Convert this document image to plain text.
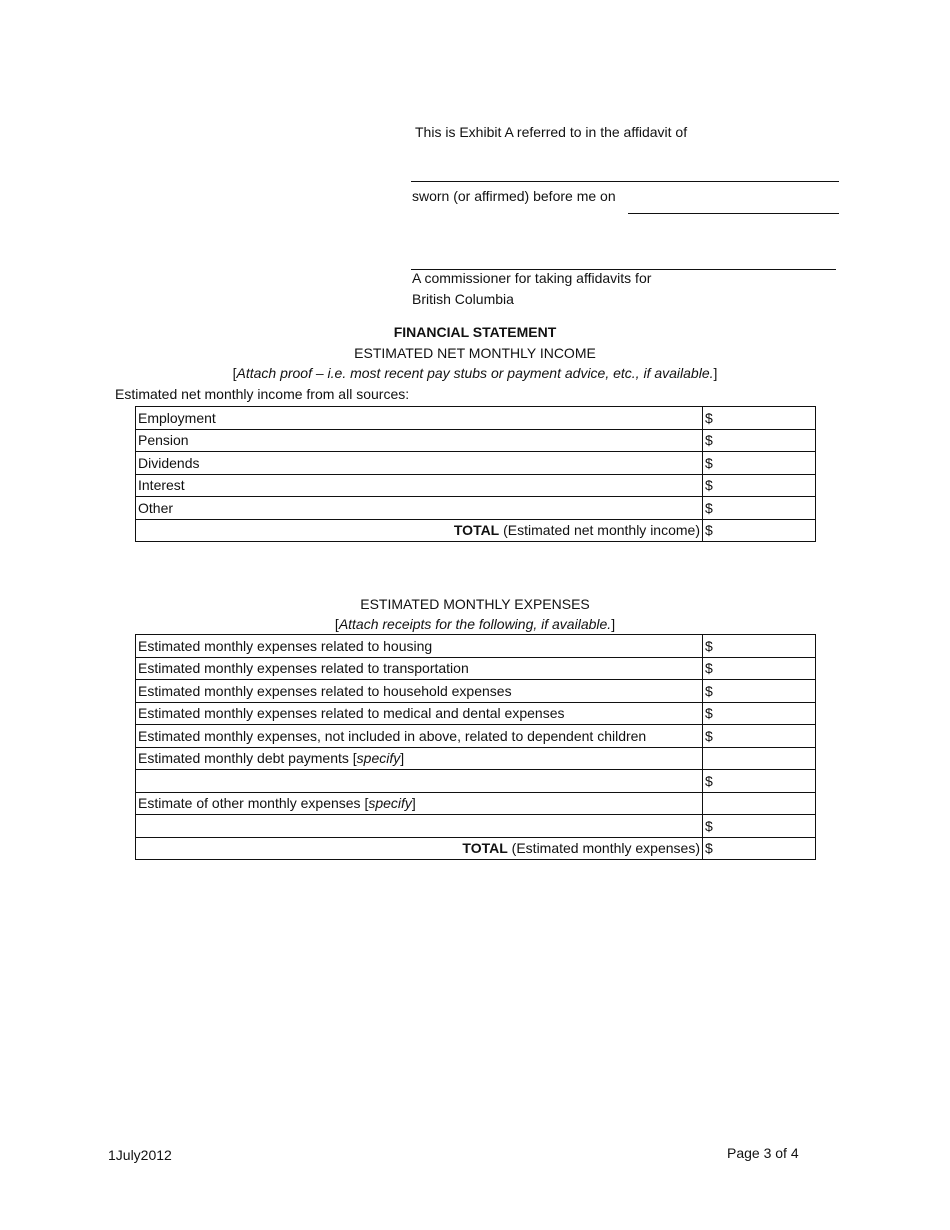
This is Exhibit A referred to in the affidavit of
sworn (or affirmed) before me on
A commissioner for taking affidavits for
British Columbia
FINANCIAL STATEMENT
ESTIMATED NET MONTHLY INCOME
[Attach proof – i.e. most recent pay stubs or payment advice, etc., if available.]
Estimated net monthly income from all sources:
Employment	$
Pension	$
Dividends	$
Interest	$
Other	$
TOTAL (Estimated net monthly income)	$
ESTIMATED MONTHLY EXPENSES
[Attach receipts for the following, if available.]
Estimated monthly expenses related to housing	$
Estimated monthly expenses related to transportation	$
Estimated monthly expenses related to household expenses	$
Estimated monthly expenses related to medical and dental expenses	$
Estimated monthly expenses, not included in above, related to dependent children	$
Estimated monthly debt payments [specify]	
	$
Estimate of other monthly expenses [specify]	
	$
TOTAL (Estimated monthly expenses)	$
1July2012	Page 3 of 4
